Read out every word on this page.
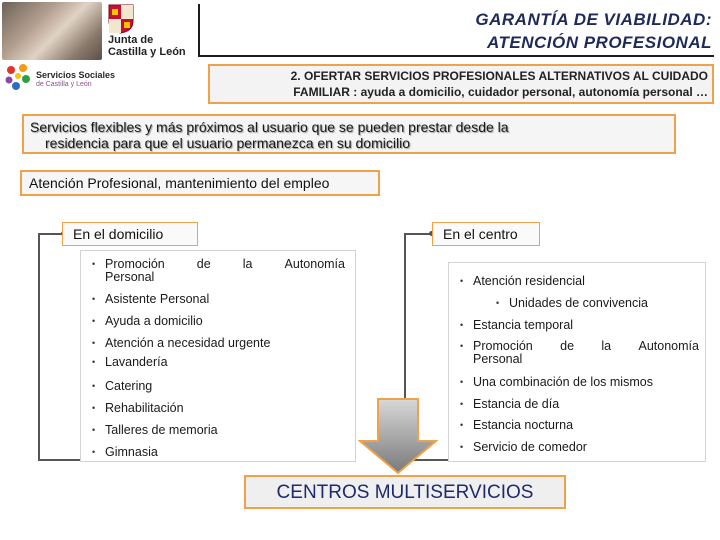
Junta de
Castilla y León
GARANTÍA DE VIABILIDAD:
ATENCIÓN PROFESIONAL
Servicios Sociales
de Castilla y León
2. OFERTAR SERVICIOS PROFESIONALES ALTERNATIVOS AL CUIDADO
FAMILIAR : ayuda a domicilio, cuidador personal, autonomía personal …
Servicios flexibles y más próximos al usuario que se pueden prestar desde la
residencia para que el usuario permanezca en su domicilio
Atención Profesional, mantenimiento del empleo
En el domicilio	En el centro
• Promoción	de	la	Autonomía
Personal
• Asistente Personal
• Ayuda a domicilio
• Atención a necesidad urgente
• Lavandería
• Catering
• Rehabilitación
• Talleres de memoria
• Gimnasia
• Atención residencial
• Unidades de convivencia
• Estancia temporal
• Promoción de la Autonomía
Personal
• Una combinación de los mismos
• Estancia de día
• Estancia nocturna
• Servicio de comedor
CENTROS MULTISERVICIOS
